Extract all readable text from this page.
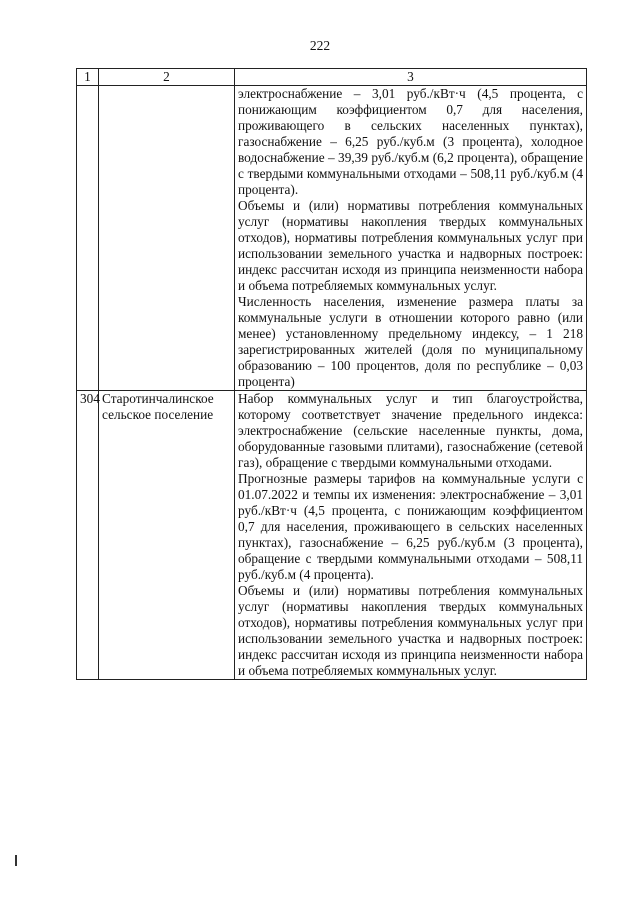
222
1	2	3

		электроснабжение – 3,01 руб./кВт·ч (4,5 процента, с понижающим коэффициентом 0,7 для населения, проживающего в сельских населенных пунктах), газоснабжение – 6,25 руб./куб.м (3 процента), холодное водоснабжение – 39,39 руб./куб.м (6,2 процента), обращение с твердыми коммунальными отходами – 508,11 руб./куб.м (4 процента).

Объемы и (или) нормативы потребления коммунальных услуг (нормативы накопления твердых коммунальных отходов), нормативы потребления коммунальных услуг при использовании земельного участка и надворных построек: индекс рассчитан исходя из принципа неизменности набора и объема потребляемых коммунальных услуг.

Численность населения, изменение размера платы за коммунальные услуги в отношении которого равно (или менее) установленному предельному индексу, – 1 218 зарегистрированных жителей (доля по муниципальному образованию – 100 процентов, доля по республике – 0,03 процента)

304	Старотинчалинское сельское поселение	Набор коммунальных услуг и тип благоустройства, которому соответствует значение предельного индекса: электроснабжение (сельские населенные пункты, дома, оборудованные газовыми плитами), газоснабжение (сетевой газ), обращение с твердыми коммунальными отходами.

Прогнозные размеры тарифов на коммунальные услуги с 01.07.2022 и темпы их изменения: электроснабжение – 3,01 руб./кВт·ч (4,5 процента, с понижающим коэффициентом 0,7 для населения, проживающего в сельских населенных пунктах), газоснабжение – 6,25 руб./куб.м (3 процента), обращение с твердыми коммунальными отходами – 508,11 руб./куб.м (4 процента).

Объемы и (или) нормативы потребления коммунальных услуг (нормативы накопления твердых коммунальных отходов), нормативы потребления коммунальных услуг при использовании земельного участка и надворных построек: индекс рассчитан исходя из принципа неизменности набора и объема потребляемых коммунальных услуг.
